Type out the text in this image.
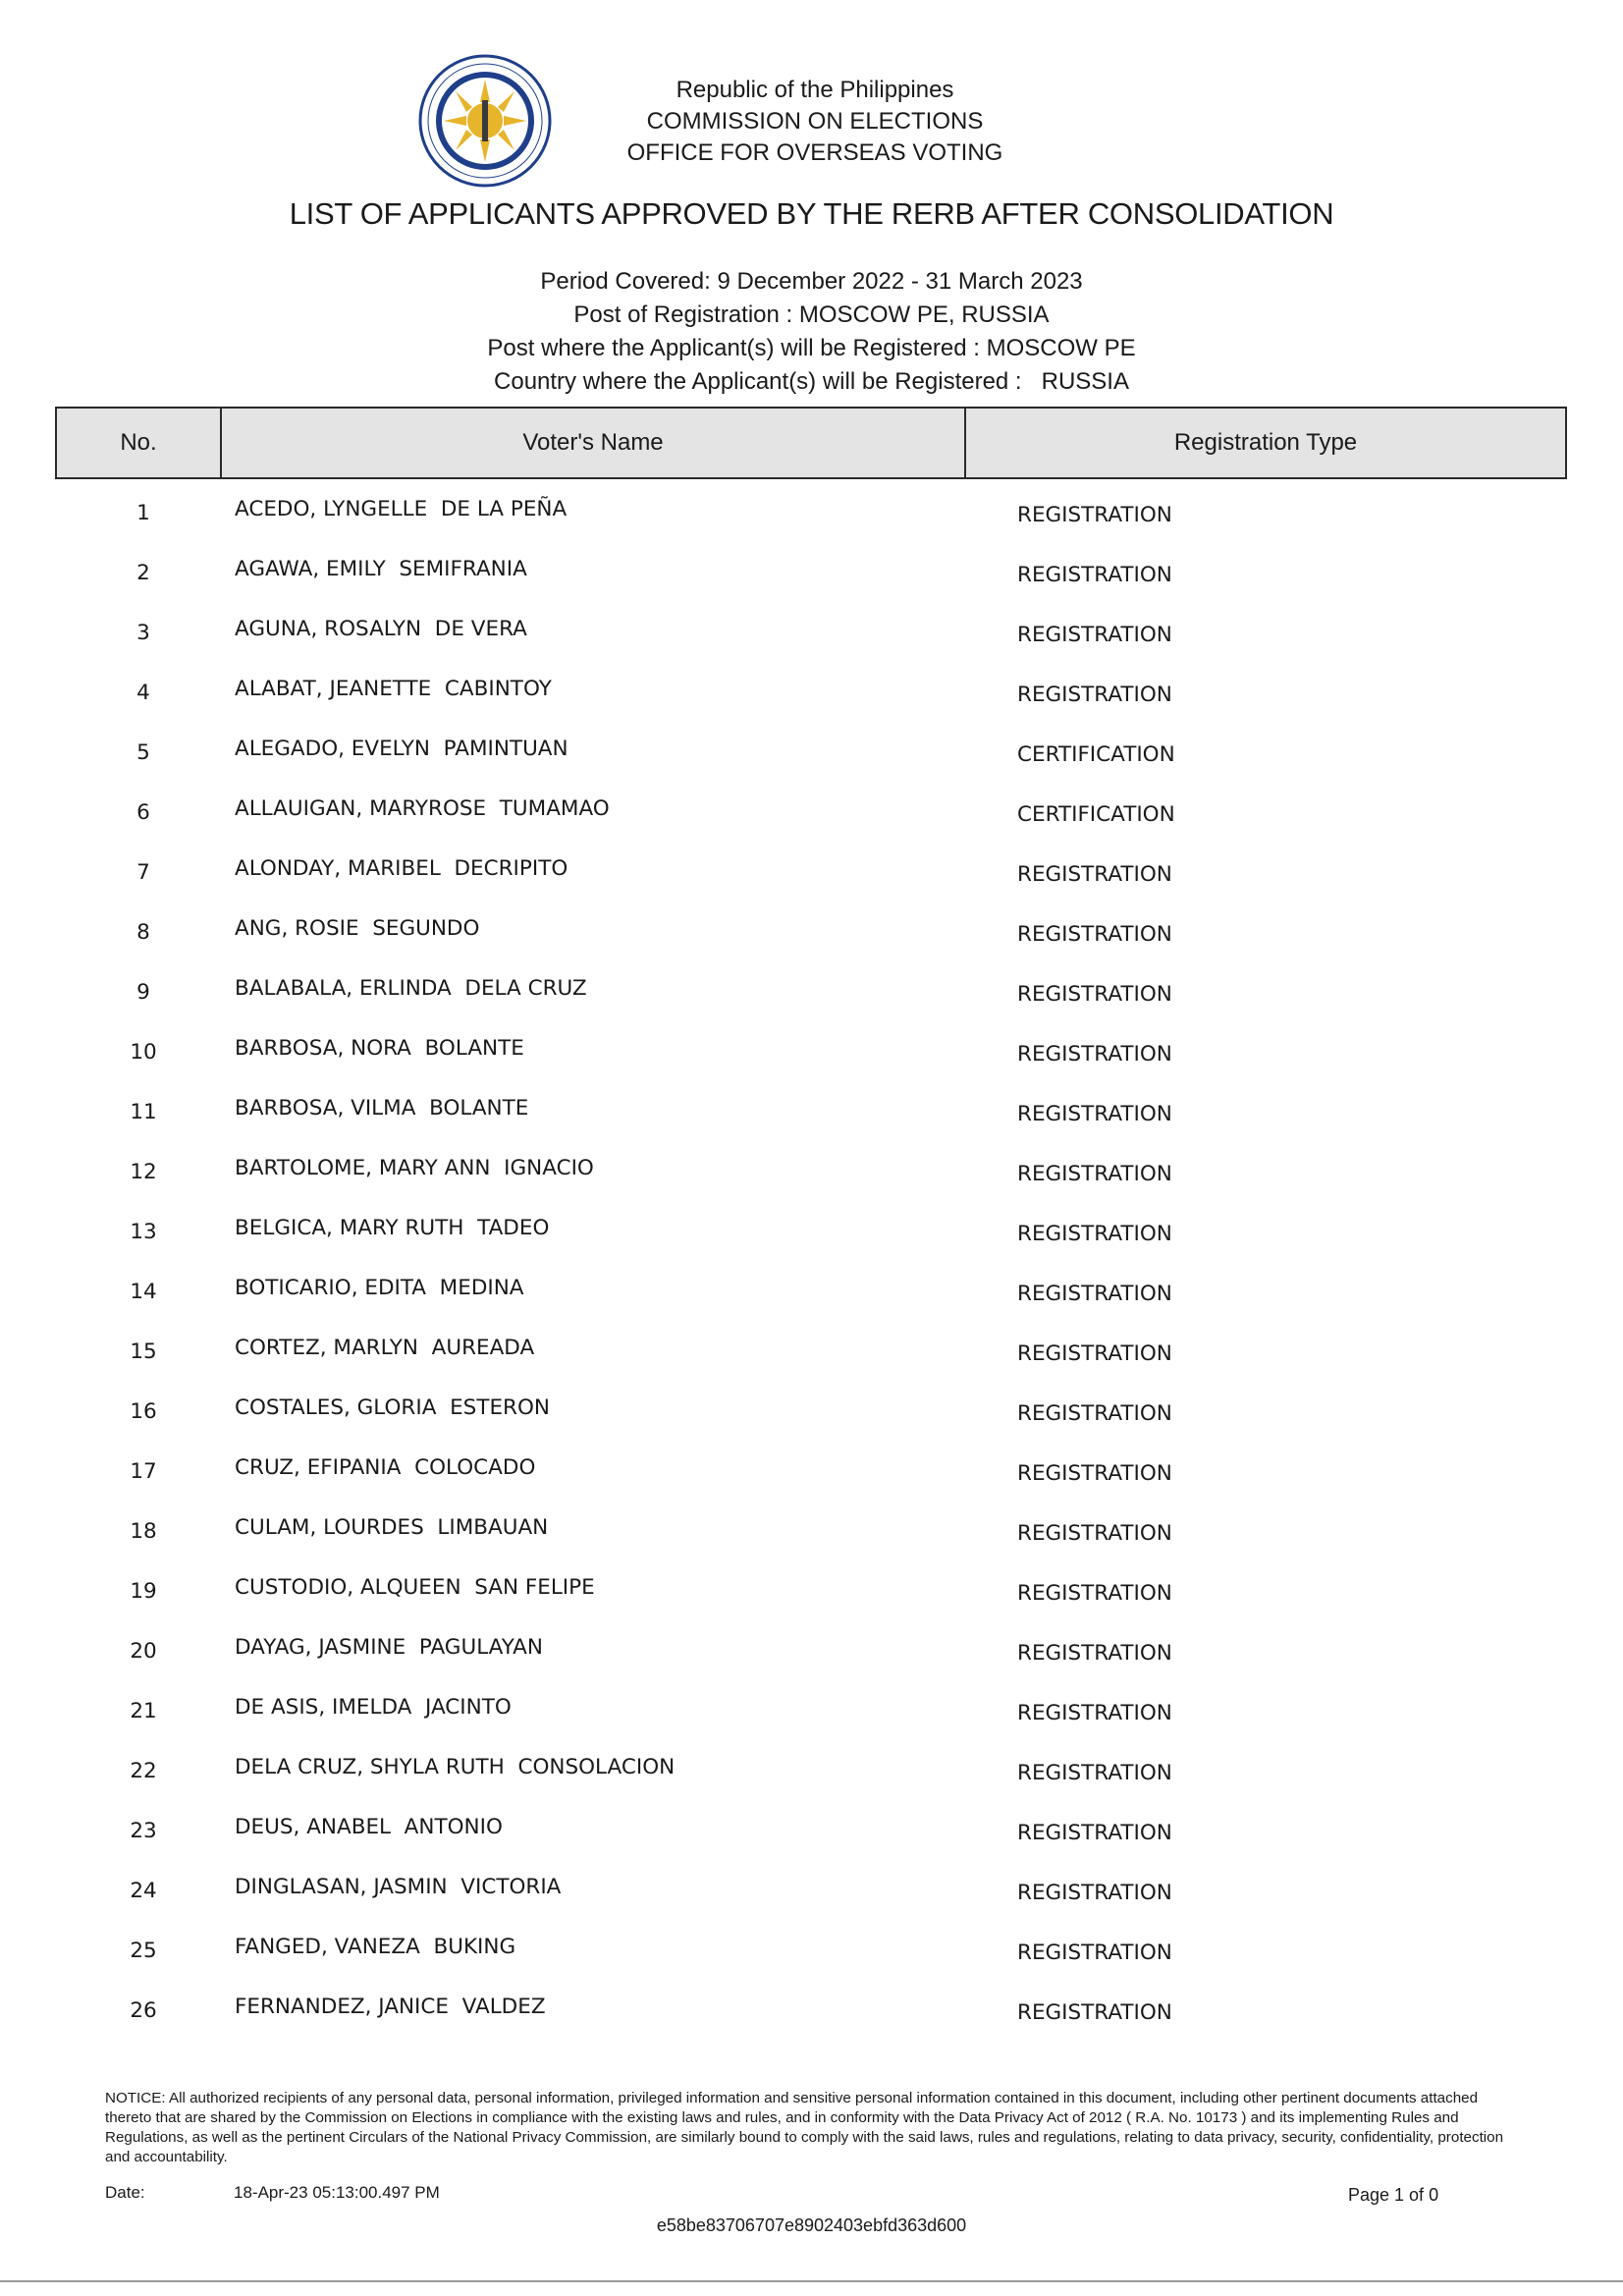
Republic of the Philippines
COMMISSION ON ELECTIONS
OFFICE FOR OVERSEAS VOTING
LIST OF APPLICANTS APPROVED BY THE RERB AFTER CONSOLIDATION
Period Covered: 9 December 2022 - 31 March 2023
Post of Registration : MOSCOW PE, RUSSIA
Post where the Applicant(s) will be Registered : MOSCOW PE
Country where the Applicant(s) will be Registered :   RUSSIA
No.	Voter's Name	Registration Type
1	ACEDO, LYNGELLE  DE LA PEÑA	REGISTRATION
2	AGAWA, EMILY  SEMIFRANIA	REGISTRATION
3	AGUNA, ROSALYN  DE VERA	REGISTRATION
4	ALABAT, JEANETTE  CABINTOY	REGISTRATION
5	ALEGADO, EVELYN  PAMINTUAN	CERTIFICATION
6	ALLAUIGAN, MARYROSE  TUMAMAO	CERTIFICATION
7	ALONDAY, MARIBEL  DECRIPITO	REGISTRATION
8	ANG, ROSIE  SEGUNDO	REGISTRATION
9	BALABALA, ERLINDA  DELA CRUZ	REGISTRATION
10	BARBOSA, NORA  BOLANTE	REGISTRATION
11	BARBOSA, VILMA  BOLANTE	REGISTRATION
12	BARTOLOME, MARY ANN  IGNACIO	REGISTRATION
13	BELGICA, MARY RUTH  TADEO	REGISTRATION
14	BOTICARIO, EDITA  MEDINA	REGISTRATION
15	CORTEZ, MARLYN  AUREADA	REGISTRATION
16	COSTALES, GLORIA  ESTERON	REGISTRATION
17	CRUZ, EFIPANIA  COLOCADO	REGISTRATION
18	CULAM, LOURDES  LIMBAUAN	REGISTRATION
19	CUSTODIO, ALQUEEN  SAN FELIPE	REGISTRATION
20	DAYAG, JASMINE  PAGULAYAN	REGISTRATION
21	DE ASIS, IMELDA  JACINTO	REGISTRATION
22	DELA CRUZ, SHYLA RUTH  CONSOLACION	REGISTRATION
23	DEUS, ANABEL  ANTONIO	REGISTRATION
24	DINGLASAN, JASMIN  VICTORIA	REGISTRATION
25	FANGED, VANEZA  BUKING	REGISTRATION
26	FERNANDEZ, JANICE  VALDEZ	REGISTRATION
NOTICE: All authorized recipients of any personal data, personal information, privileged information and sensitive personal information contained in this document, including other pertinent documents attached thereto that are shared by the Commission on Elections in compliance with the existing laws and rules, and in conformity with the Data Privacy Act of 2012 ( R.A. No. 10173 ) and its implementing Rules and Regulations, as well as the pertinent Circulars of the National Privacy Commission, are similarly bound to comply with the said laws, rules and regulations, relating to data privacy, security, confidentiality, protection and accountability.
Date:	18-Apr-23 05:13:00.497 PM	Page 1 of 0
e58be83706707e8902403ebfd363d600
